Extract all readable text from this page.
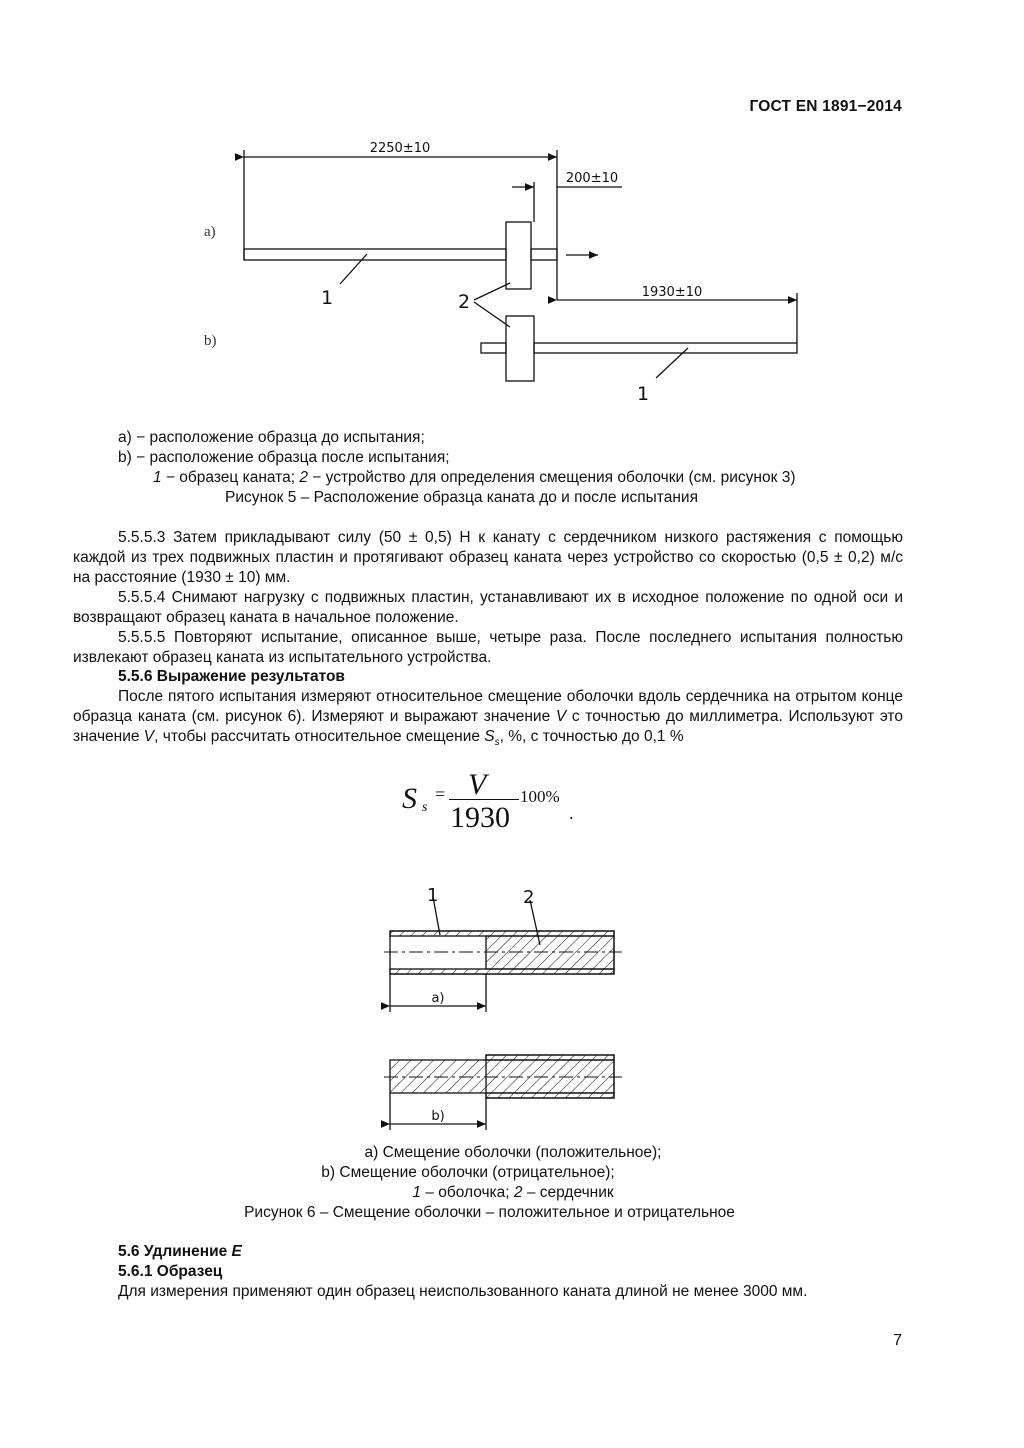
ГОСТ EN 1891−2014
2250±10
200±10
1930±10
a)
b)
1	2
1
a) − расположение образца до испытания;
b) − расположение образца после испытания;
1 − образец каната; 2 − устройство для определения смещения оболочки (см. рисунок 3)
Рисунок 5 – Расположение образца каната до и после испытания
5.5.5.3 Затем прикладывают силу (50 ± 0,5) Н к канату с сердечником низкого растяжения с помощью каждой из трех подвижных пластин и протягивают образец каната через устройство со скоростью (0,5 ± 0,2) м/с на расстояние (1930 ± 10) мм.
5.5.5.4 Снимают нагрузку с подвижных пластин, устанавливают их в исходное положение по одной оси и возвращают образец каната в начальное положение.
5.5.5.5 Повторяют испытание, описанное выше, четыре раза. После последнего испытания полностью извлекают образец каната из испытательного устройства.
5.5.6 Выражение результатов
После пятого испытания измеряют относительное смещение оболочки вдоль сердечника на отрытом конце образца каната (см. рисунок 6). Измеряют и выражают значение V с точностью до миллиметра. Используют это значение V, чтобы рассчитать относительное смещение $S_s$, %, с точностью до 0,1 %
S s
= V
1930
100%
.
1	2
a)
b)
a) Смещение оболочки (положительное);
b) Смещение оболочки (отрицательное);
1 – оболочка; 2 – сердечник
Рисунок 6 – Смещение оболочки – положительное и отрицательное
5.6 Удлинение E
5.6.1 Образец
Для измерения применяют один образец неиспользованного каната длиной не менее 3000 мм.
7
